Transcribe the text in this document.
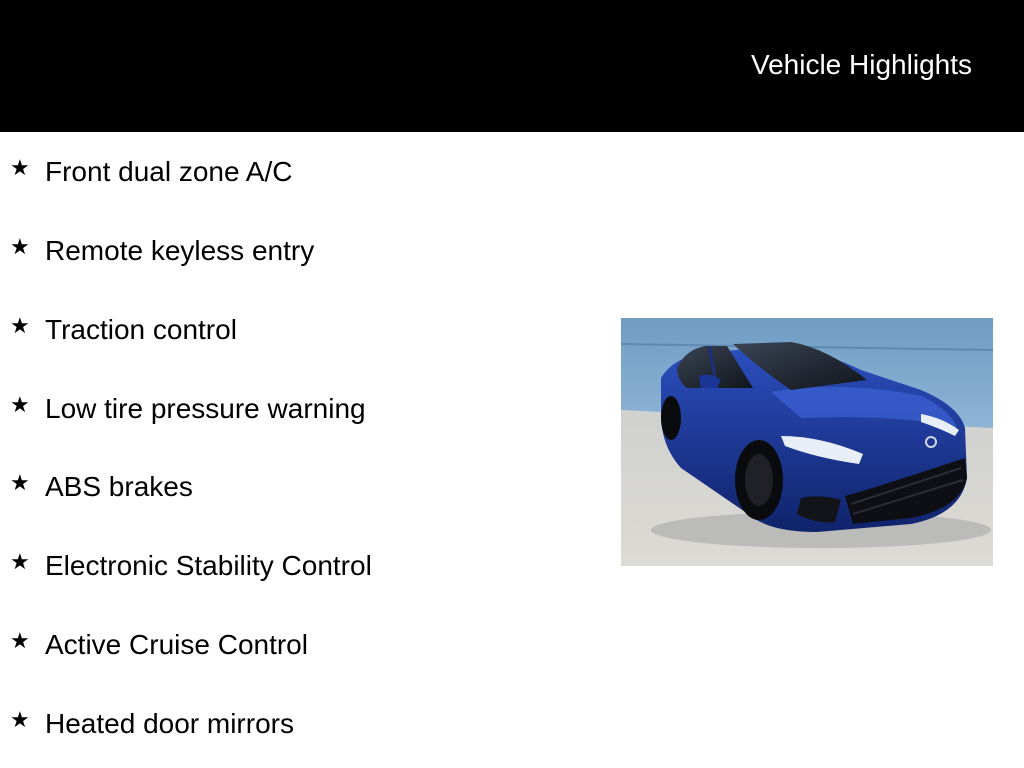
Vehicle Highlights
★ Front dual zone A/C
★ Remote keyless entry
★ Traction control
★ Low tire pressure warning
★ ABS brakes
★ Electronic Stability Control
★ Active Cruise Control
★ Heated door mirrors
